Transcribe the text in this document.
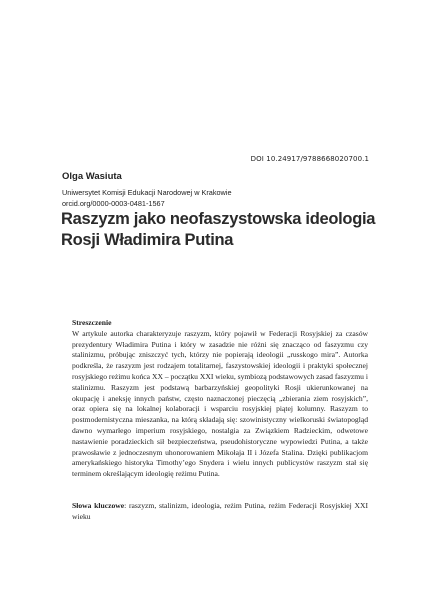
DOI 10.24917/9788668020700.1
Olga Wasiuta
Uniwersytet Komisji Edukacji Narodowej w Krakowie
orcid.org/0000-0003-0481-1567
Raszyzm jako neofaszystowska ideologia Rosji Władimira Putina
Streszczenie
W artykule autorka charakteryzuje raszyzm, który pojawił w Federacji Rosyjskiej za czasów prezydentury Władimira Putina i który w zasadzie nie różni się znacząco od faszyzmu czy stalinizmu, próbując zniszczyć tych, którzy nie popierają ideologii „russkogo mira”. Autorka podkreśla, że raszyzm jest rodzajem totalitarnej, faszystowskiej ideologii i praktyki społecznej rosyjskiego reżimu końca XX – początku XXI wieku, symbiozą podstawowych zasad faszyzmu i stalinizmu. Raszyzm jest podstawą barbarzyńskiej geopolityki Rosji ukierunkowanej na okupację i aneksję innych państw, często naznaczonej pieczęcią „zbierania ziem rosyjskich”, oraz opiera się na lokalnej kolaboracji i wsparciu rosyjskiej piątej kolumny. Raszyzm to postmodernistyczna mieszanka, na którą składają się: szowinistyczny wielkoruski światopogląd dawno wymarłego imperium rosyjskiego, nostalgia za Związkiem Radzieckim, odwetowe nastawienie poradzieckich sił bezpieczeństwa, pseudohistoryczne wypowiedzi Putina, a także prawosławie z jednoczesnym uhonorowaniem Mikołaja II i Józefa Stalina. Dzięki publikacjom amerykańskiego historyka Timothy’ego Snydera i wielu innych publicystów raszyzm stał się terminem określającym ideologię reżimu Putina.
Słowa kluczowe: raszyzm, stalinizm, ideologia, reżim Putina, reżim Federacji Rosyjskiej XXI wieku
